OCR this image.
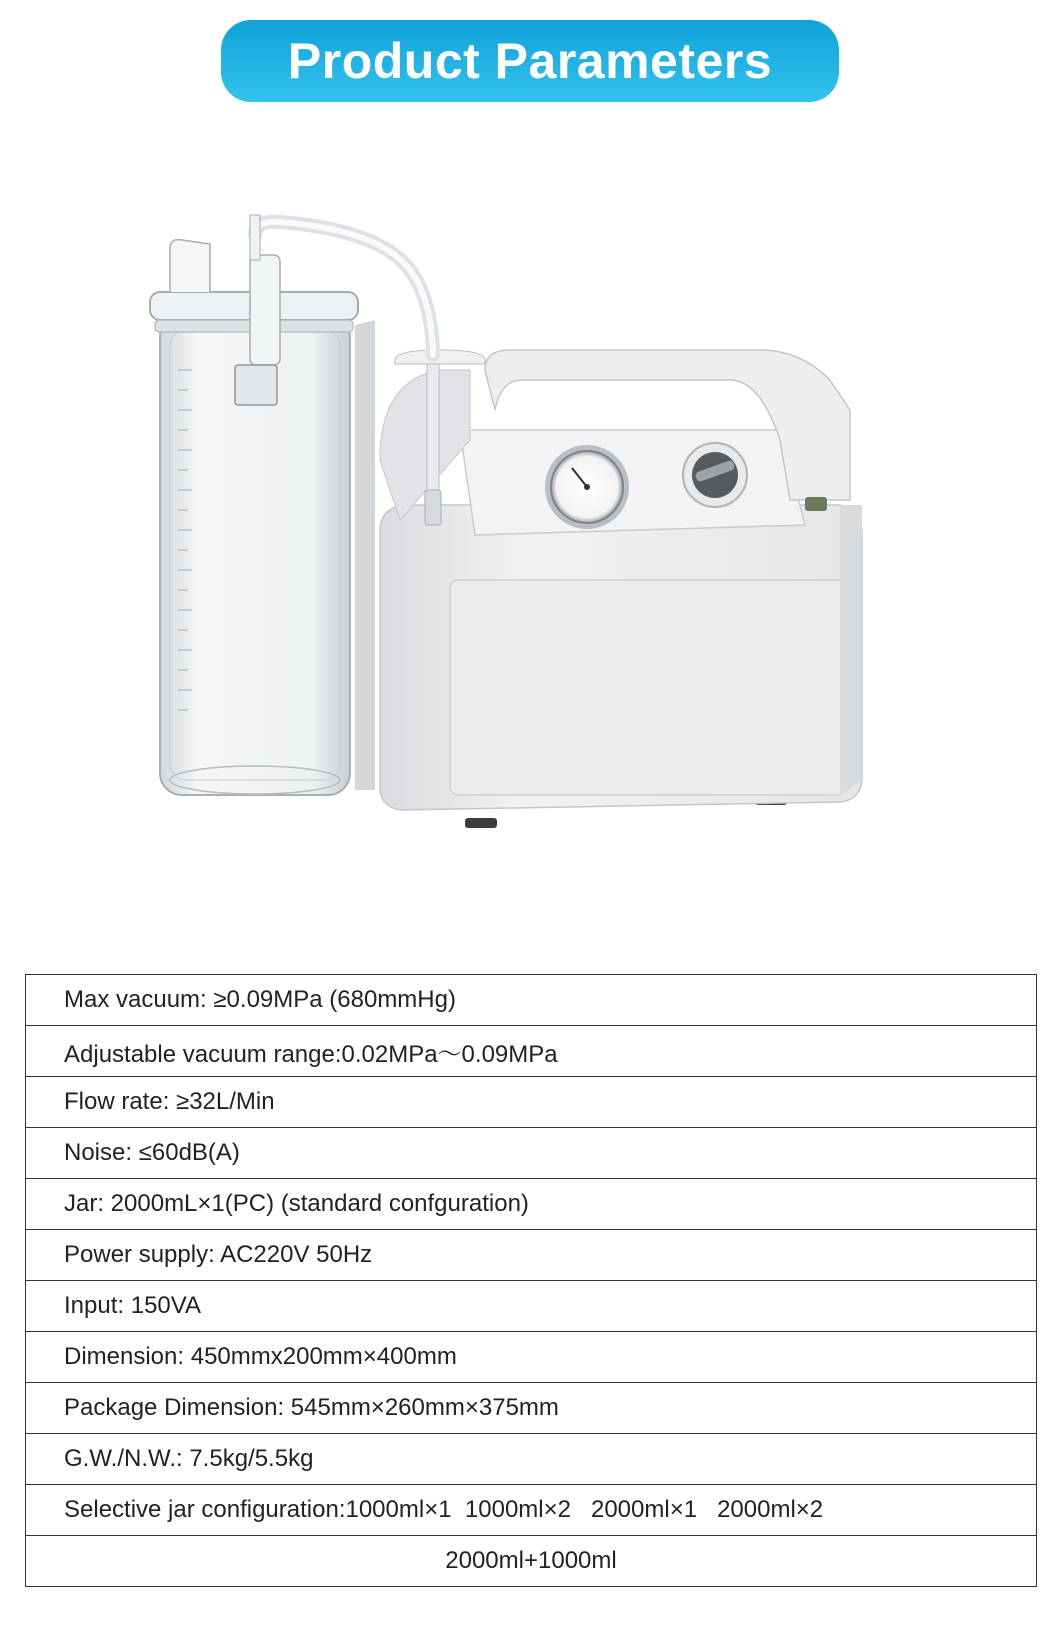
Product Parameters
Max vacuum: ≥0.09MPa (680mmHg)
Adjustable vacuum range:0.02MPa～0.09MPa
Flow rate: ≥32L/Min
Noise: ≤60dB(A)
Jar: 2000mL×1(PC) (standard confguration)
Power supply: AC220V 50Hz
Input: 150VA
Dimension: 450mmx200mm×400mm
Package Dimension: 545mm×260mm×375mm
G.W./N.W.: 7.5kg/5.5kg
Selective jar configuration:1000ml×1  1000ml×2   2000ml×1   2000ml×2
2000ml+1000ml
